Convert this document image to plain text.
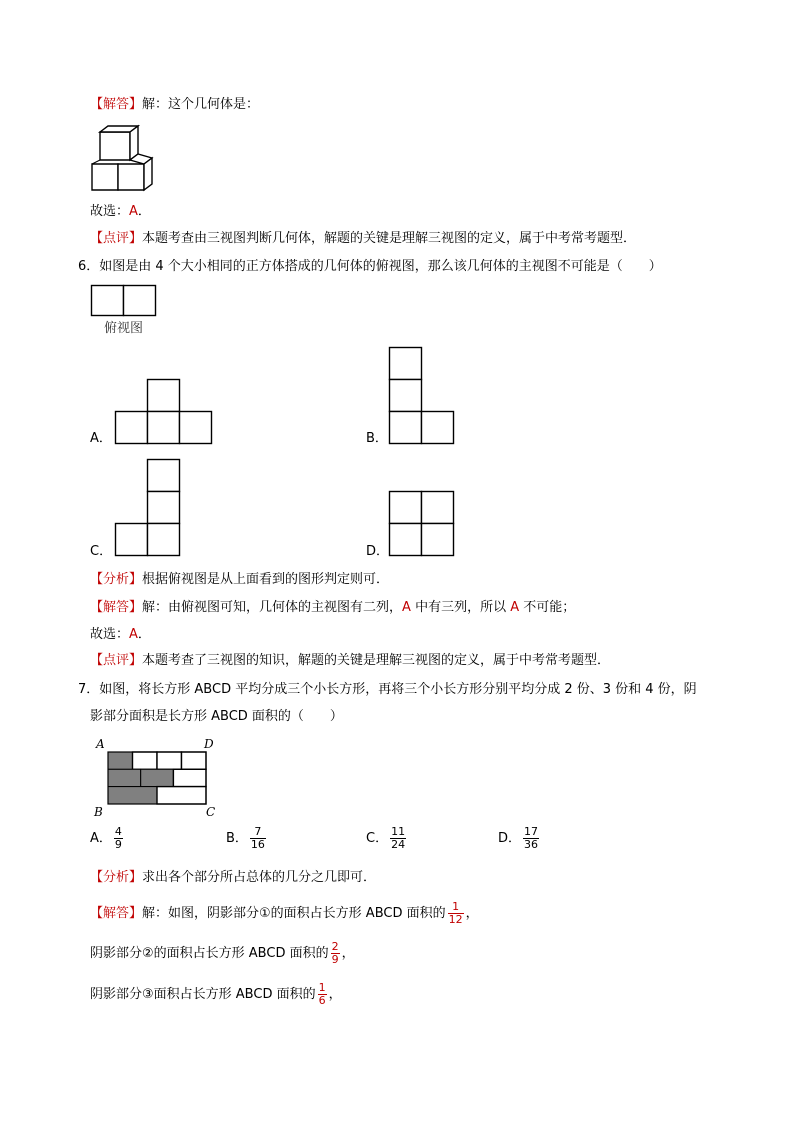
【解答】解：这个几何体是：
故选：A．
【点评】本题考查由三视图判断几何体，解题的关键是理解三视图的定义，属于中考常考题型．
6．如图是由 4 个大小相同的正方体搭成的几何体的俯视图，那么该几何体的主视图不可能是（　　）
俯视图
A．	B．
C．	D．
【分析】根据俯视图是从上面看到的图形判定则可．
【解答】解：由俯视图可知，几何体的主视图有二列，A 中有三列，所以 A 不可能；
故选：A．
【点评】本题考查了三视图的知识，解题的关键是理解三视图的定义，属于中考常考题型．
7．如图，将长方形 ABCD 平均分成三个小长方形，再将三个小长方形分别平均分成 2 份、3 份和 4 份，阴
影部分面积是长方形 ABCD 面积的（　　）
A	D
B	C
A． $\frac{4}{9}$	B． $\frac{7}{16}$	C． $\frac{11}{24}$	D． $\frac{17}{36}$
【分析】求出各个部分所占总体的几分之几即可．
【解答】解：如图，阴影部分①的面积占长方形 ABCD 面积的 $\frac{1}{12}$ ，
阴影部分②的面积占长方形 ABCD 面积的 $\frac{2}{9}$ ，
阴影部分③面积占长方形 ABCD 面积的 $\frac{1}{6}$ ，
